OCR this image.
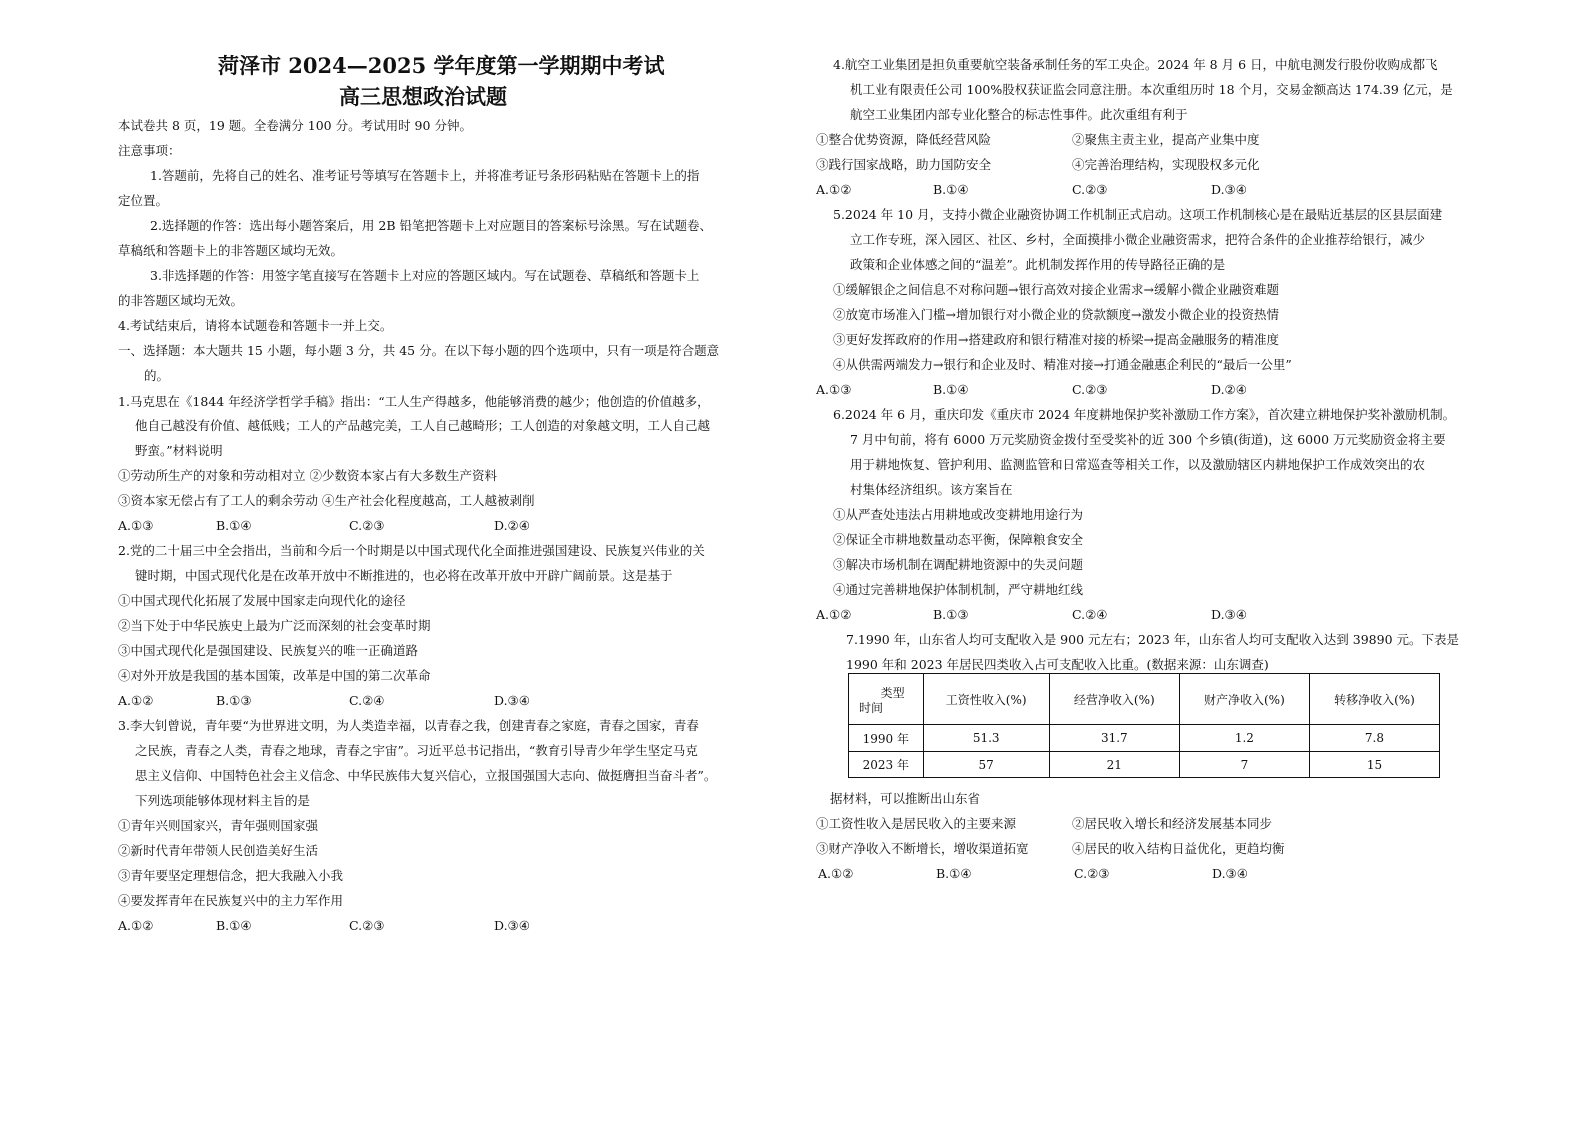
菏泽市 2024—2025 学年度第一学期期中考试
高三思想政治试题
本试卷共 8 页，19 题。全卷满分 100 分。考试用时 90 分钟。
注意事项：
1.答题前，先将自己的姓名、准考证号等填写在答题卡上，并将准考证号条形码粘贴在答题卡上的指
定位置。
2.选择题的作答：选出每小题答案后，用 2B 铅笔把答题卡上对应题目的答案标号涂黑。写在试题卷、
草稿纸和答题卡上的非答题区域均无效。
3.非选择题的作答：用签字笔直接写在答题卡上对应的答题区域内。写在试题卷、草稿纸和答题卡上
的非答题区域均无效。
4.考试结束后，请将本试题卷和答题卡一并上交。
一、选择题：本大题共 15 小题，每小题 3 分，共 45 分。在以下每小题的四个选项中，只有一项是符合题意
的。
1.马克思在《1844 年经济学哲学手稿》指出：“工人生产得越多，他能够消费的越少；他创造的价值越多，
他自己越没有价值、越低贱；工人的产品越完美，工人自己越畸形；工人创造的对象越文明，工人自己越
野蛮。”材料说明
①劳动所生产的对象和劳动相对立 ②少数资本家占有大多数生产资料
③资本家无偿占有了工人的剩余劳动 ④生产社会化程度越高，工人越被剥削
A.①③	B.①④	C.②③	D.②④
2.党的二十届三中全会指出，当前和今后一个时期是以中国式现代化全面推进强国建设、民族复兴伟业的关
键时期，中国式现代化是在改革开放中不断推进的，也必将在改革开放中开辟广阔前景。这是基于
①中国式现代化拓展了发展中国家走向现代化的途径
②当下处于中华民族史上最为广泛而深刻的社会变革时期
③中国式现代化是强国建设、民族复兴的唯一正确道路
④对外开放是我国的基本国策，改革是中国的第二次革命
A.①②	B.①③	C.②④	D.③④
3.李大钊曾说，青年要“为世界进文明，为人类造幸福，以青春之我，创建青春之家庭，青春之国家，青春
之民族，青春之人类，青春之地球，青春之宇宙”。习近平总书记指出，“教育引导青少年学生坚定马克
思主义信仰、中国特色社会主义信念、中华民族伟大复兴信心，立报国强国大志向、做挺膺担当奋斗者”。
下列选项能够体现材料主旨的是
①青年兴则国家兴，青年强则国家强
②新时代青年带领人民创造美好生活
③青年要坚定理想信念，把大我融入小我
④要发挥青年在民族复兴中的主力军作用
A.①②	B.①④	C.②③	D.③④
4.航空工业集团是担负重要航空装备承制任务的军工央企。2024 年 8 月 6 日，中航电测发行股份收购成都飞
机工业有限责任公司 100%股权获证监会同意注册。本次重组历时 18 个月，交易金额高达 174.39 亿元，是
航空工业集团内部专业化整合的标志性事件。此次重组有利于
①整合优势资源，降低经营风险	②聚焦主责主业，提高产业集中度
③践行国家战略，助力国防安全	④完善治理结构，实现股权多元化
A.①②	B.①④	C.②③	D.③④
5.2024 年 10 月，支持小微企业融资协调工作机制正式启动。这项工作机制核心是在最贴近基层的区县层面建
立工作专班，深入园区、社区、乡村，全面摸排小微企业融资需求，把符合条件的企业推荐给银行，减少
政策和企业体感之间的“温差”。此机制发挥作用的传导路径正确的是
①缓解银企之间信息不对称问题→银行高效对接企业需求→缓解小微企业融资难题
②放宽市场准入门槛→增加银行对小微企业的贷款额度→激发小微企业的投资热情
③更好发挥政府的作用→搭建政府和银行精准对接的桥梁→提高金融服务的精准度
④从供需两端发力→银行和企业及时、精准对接→打通金融惠企利民的“最后一公里”
A.①③	B.①④	C.②③	D.②④
6.2024 年 6 月，重庆印发《重庆市 2024 年度耕地保护奖补激励工作方案》，首次建立耕地保护奖补激励机制。
7 月中旬前，将有 6000 万元奖励资金拨付至受奖补的近 300 个乡镇(街道)，这 6000 万元奖励资金将主要
用于耕地恢复、管护利用、监测监管和日常巡查等相关工作，以及激励辖区内耕地保护工作成效突出的农
村集体经济组织。该方案旨在
①从严查处违法占用耕地或改变耕地用途行为
②保证全市耕地数量动态平衡，保障粮食安全
③解决市场机制在调配耕地资源中的失灵问题
④通过完善耕地保护体制机制，严守耕地红线
A.①②	B.①③	C.②④	D.③④
7.1990 年，山东省人均可支配收入是 900 元左右；2023 年，山东省人均可支配收入达到 39890 元。下表是
1990 年和 2023 年居民四类收入占可支配收入比重。(数据来源：山东调查)
类型
时间	工资性收入(%)	经营净收入(%)	财产净收入(%)	转移净收入(%)
1990 年	51.3	31.7	1.2	7.8
2023 年	57	21	7	15
据材料，可以推断出山东省
①工资性收入是居民收入的主要来源	②居民收入增长和经济发展基本同步
③财产净收入不断增长，增收渠道拓宽	④居民的收入结构日益优化，更趋均衡
A.①②	B.①④	C.②③	D.③④
